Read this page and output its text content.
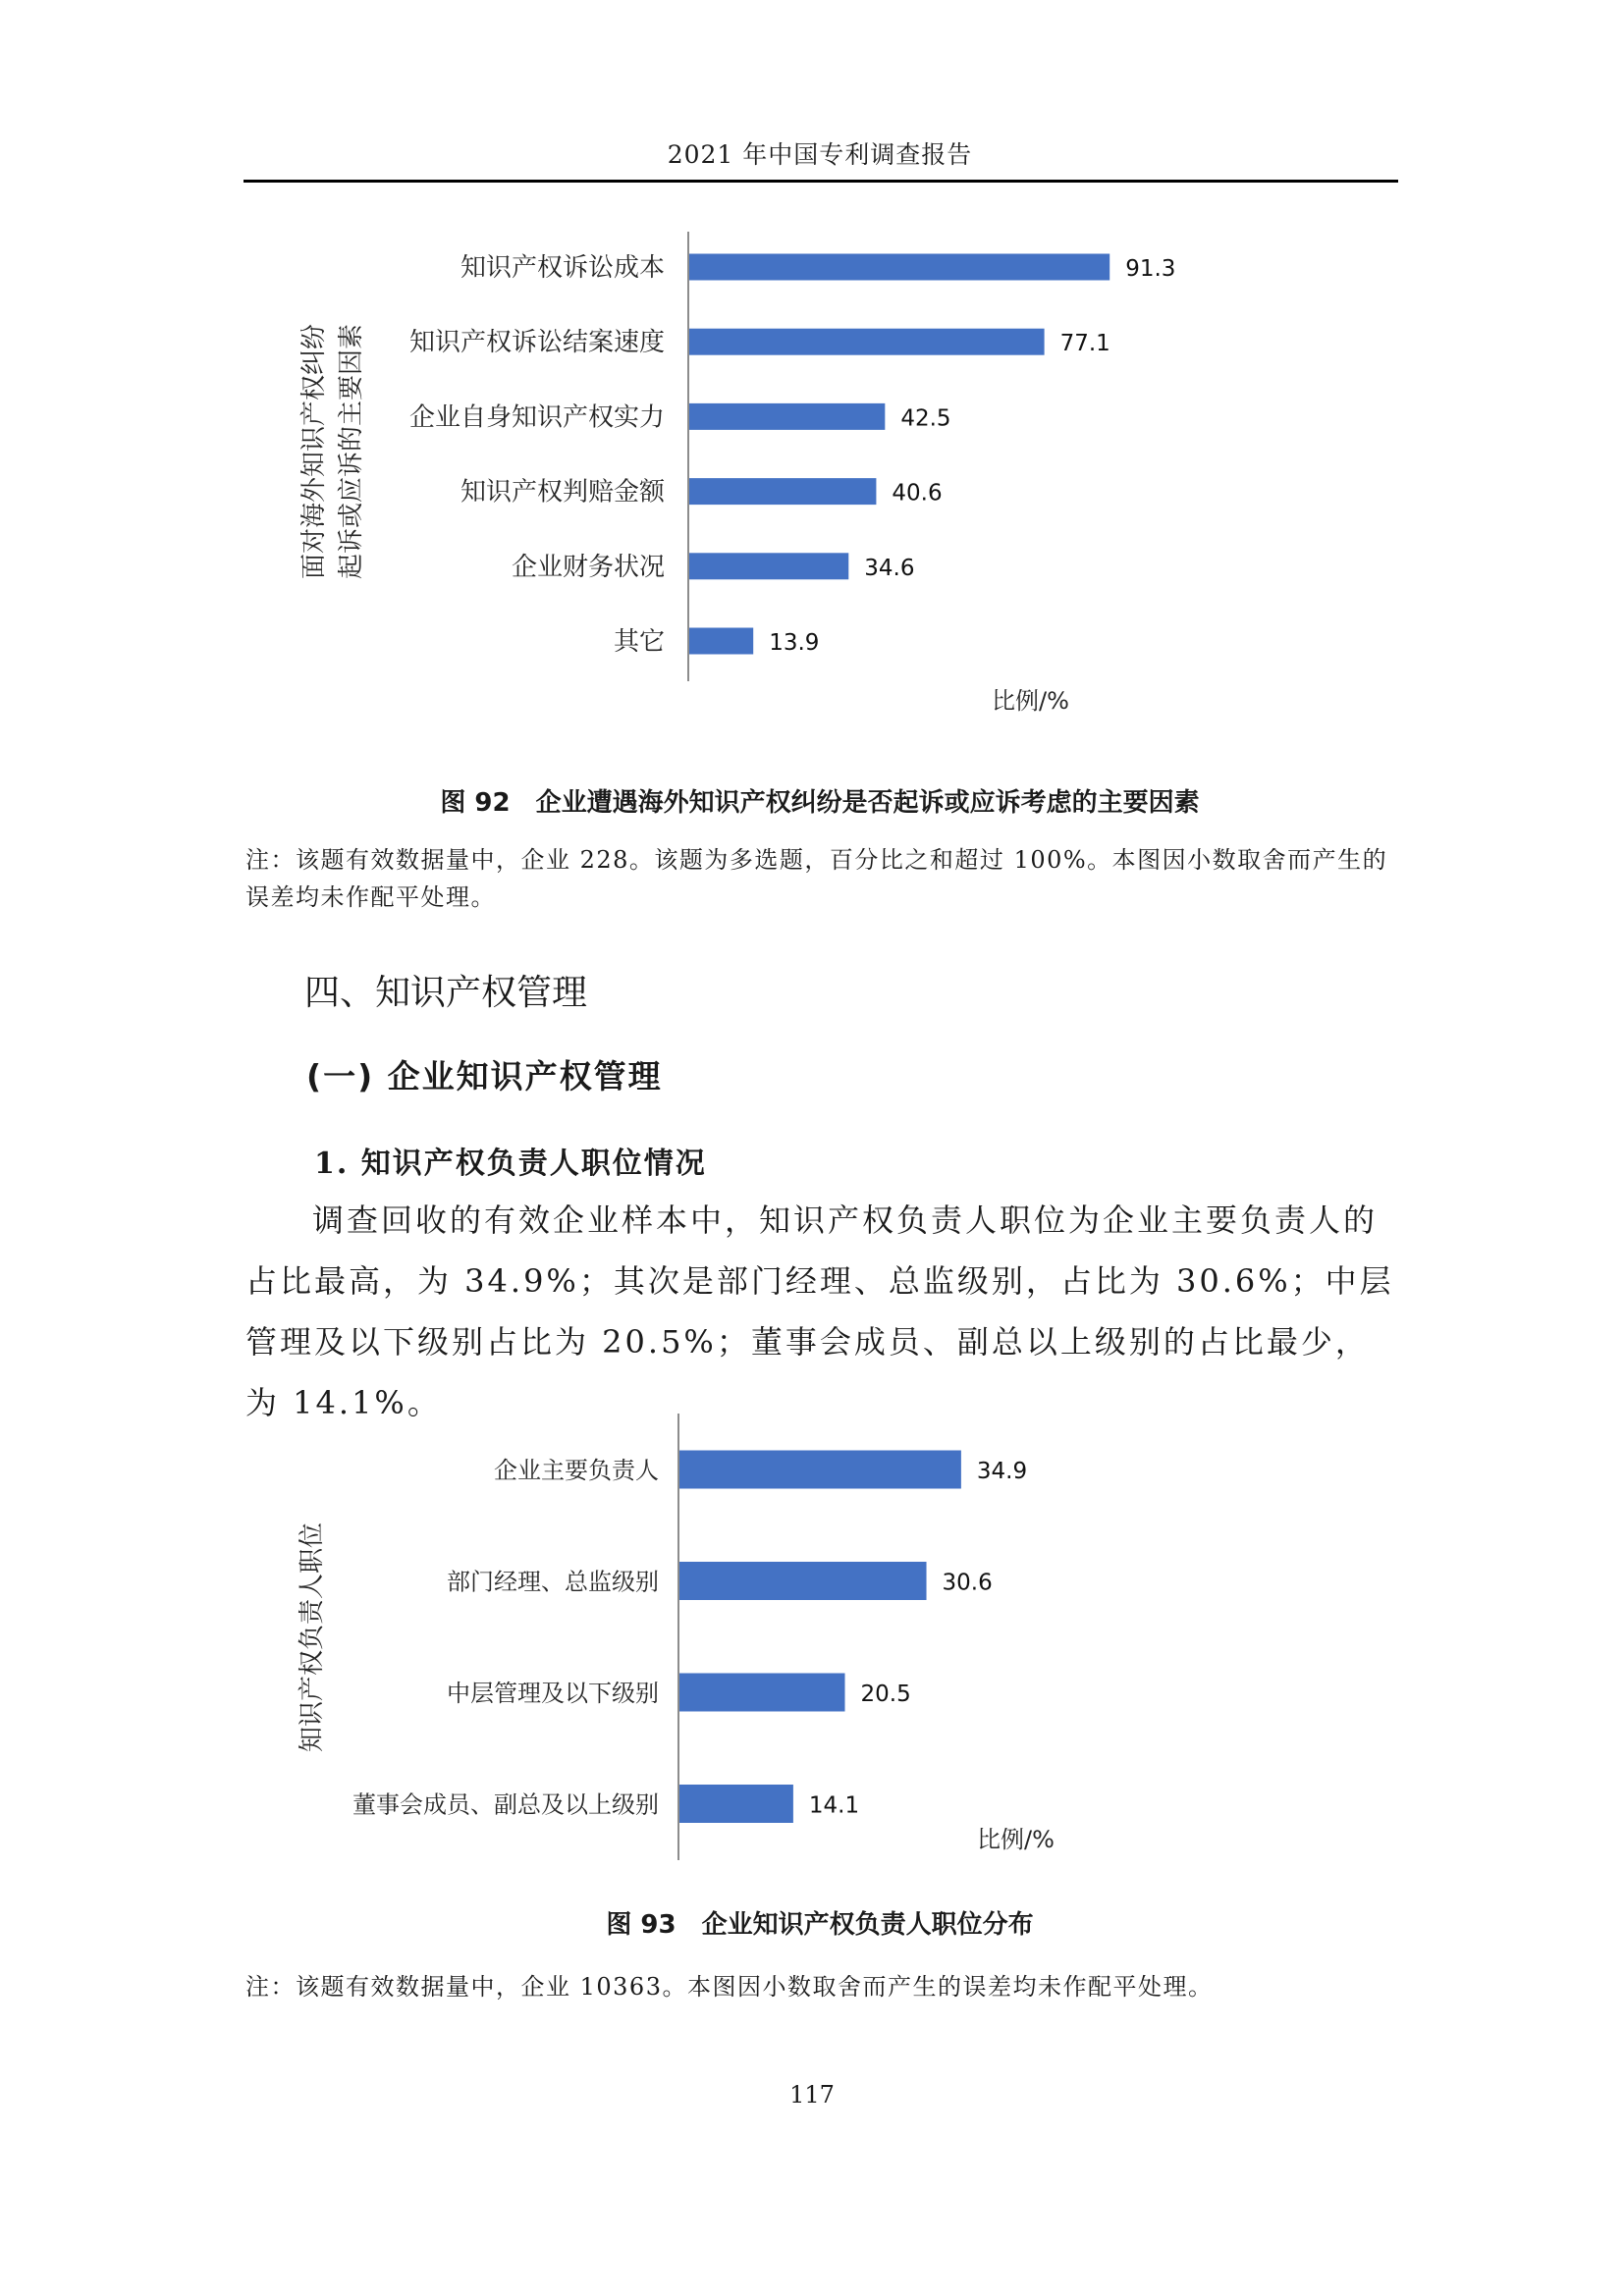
2021 年中国专利调查报告
知识产权诉讼成本	91.3
知识产权诉讼结案速度	77.1
企业自身知识产权实力	42.5
知识产权判赔金额	40.6
企业财务状况	34.6
其它	13.9
比例/%
面对海外知识产权纠纷 起诉或应诉的主要因素
企业主要负责人	34.9
部门经理、总监级别	30.6
中层管理及以下级别	20.5
董事会成员、副总及以上级别	14.1
比例/%
知识产权负责人职位
图 92　企业遭遇海外知识产权纠纷是否起诉或应诉考虑的主要因素
注：该题有效数据量中，企业 228。该题为多选题，百分比之和超过 100%。本图因小数取舍而产生的误差均未作配平处理。
四、知识产权管理
(一) 企业知识产权管理
1. 知识产权负责人职位情况
调查回收的有效企业样本中，知识产权负责人职位为企业主要负责人的占比最高，为 34.9%；其次是部门经理、总监级别，占比为 30.6%；中层管理及以下级别占比为 20.5%；董事会成员、副总以上级别的占比最少，为 14.1%。
图 93　企业知识产权负责人职位分布
注：该题有效数据量中，企业 10363。本图因小数取舍而产生的误差均未作配平处理。
117
